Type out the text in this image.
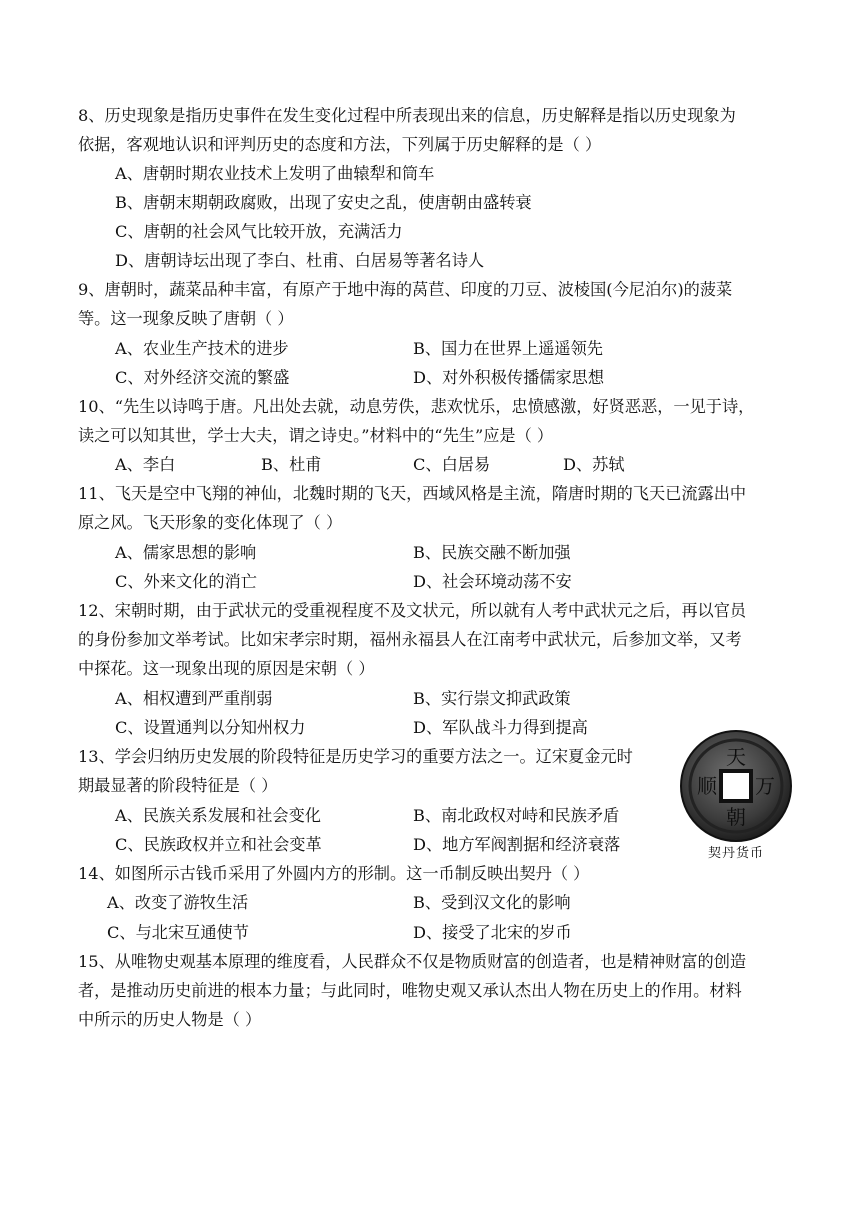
8、历史现象是指历史事件在发生变化过程中所表现出来的信息，历史解释是指以历史现象为
依据，客观地认识和评判历史的态度和方法，下列属于历史解释的是（ ）
A、唐朝时期农业技术上发明了曲辕犁和筒车
B、唐朝末期朝政腐败，出现了安史之乱，使唐朝由盛转衰
C、唐朝的社会风气比较开放，充满活力
D、唐朝诗坛出现了李白、杜甫、白居易等著名诗人
9、唐朝时，蔬菜品种丰富，有原产于地中海的莴苣、印度的刀豆、波棱国(今尼泊尔)的菠菜
等。这一现象反映了唐朝（ ）
A、农业生产技术的进步	B、国力在世界上遥遥领先
C、对外经济交流的繁盛	D、对外积极传播儒家思想
10、“先生以诗鸣于唐。凡出处去就，动息劳佚，悲欢忧乐，忠愤感激，好贤恶恶，一见于诗，
读之可以知其世，学士大夫，谓之诗史。”材料中的“先生”应是（ ）
A、李白	B、杜甫	C、白居易	D、苏轼
11、飞天是空中飞翔的神仙，北魏时期的飞天，西域风格是主流，隋唐时期的飞天已流露出中
原之风。飞天形象的变化体现了（ ）
A、儒家思想的影响	B、民族交融不断加强
C、外来文化的消亡	D、社会环境动荡不安
12、宋朝时期，由于武状元的受重视程度不及文状元，所以就有人考中武状元之后，再以官员
的身份参加文举考试。比如宋孝宗时期，福州永福县人在江南考中武状元，后参加文举，又考
中探花。这一现象出现的原因是宋朝（ ）
A、相权遭到严重削弱	B、实行崇文抑武政策
C、设置通判以分知州权力	D、军队战斗力得到提高
13、学会归纳历史发展的阶段特征是历史学习的重要方法之一。辽宋夏金元时
期最显著的阶段特征是（ ）
A、民族关系发展和社会变化	B、南北政权对峙和民族矛盾
C、民族政权并立和社会变革	D、地方军阀割据和经济衰落
14、如图所示古钱币采用了外圆内方的形制。这一币制反映出契丹（ ）
A、改变了游牧生活	B、受到汉文化的影响
C、与北宋互通使节	D、接受了北宋的岁币
15、从唯物史观基本原理的维度看，人民群众不仅是物质财富的创造者，也是精神财富的创造
者，是推动历史前进的根本力量；与此同时，唯物史观又承认杰出人物在历史上的作用。材料
中所示的历史人物是（ ）
天
万
朝
顺
契丹货币
